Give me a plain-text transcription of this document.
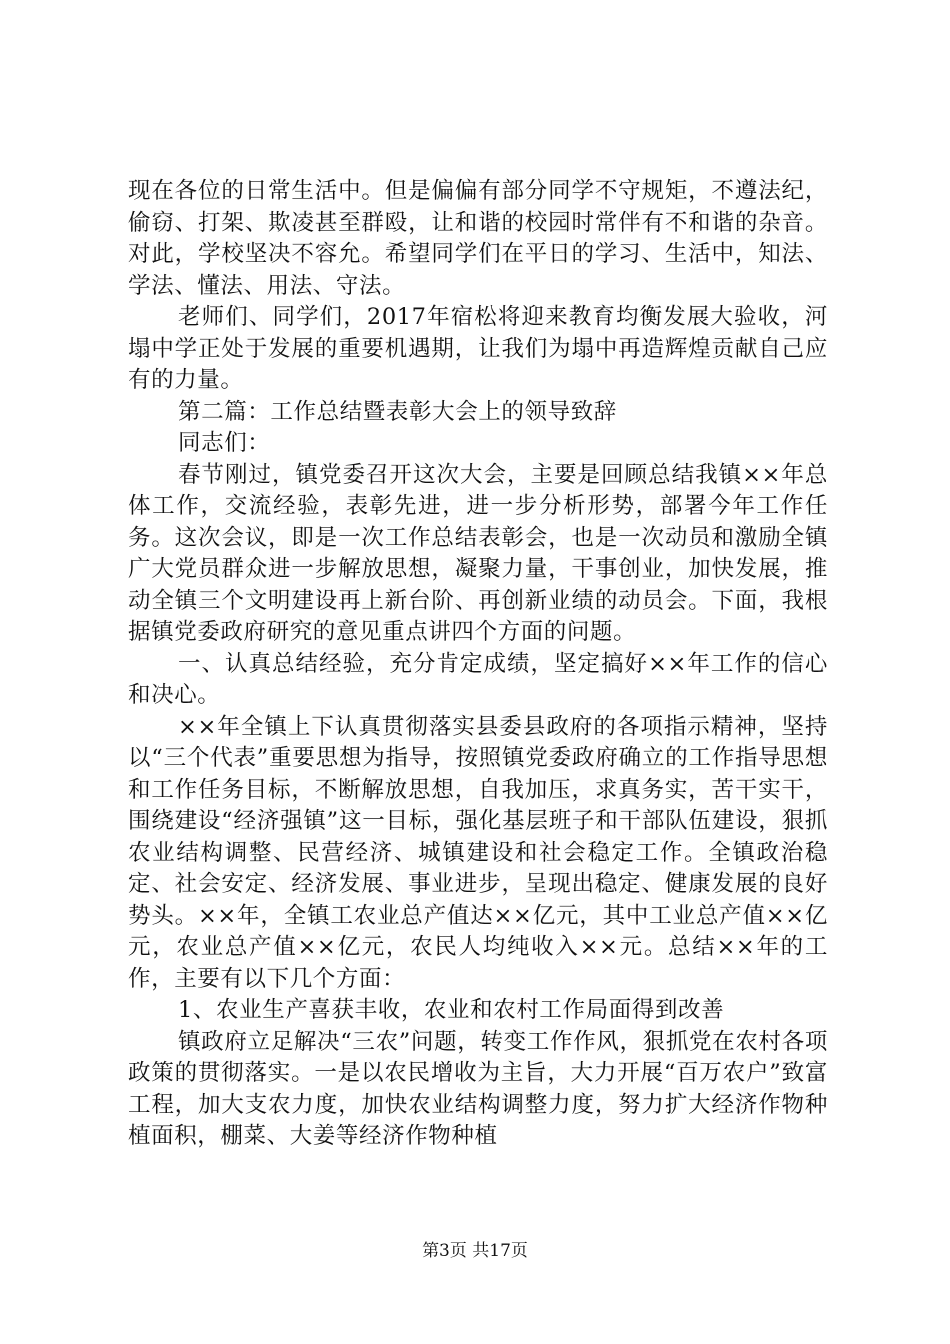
现在各位的日常生活中。但是偏偏有部分同学不守规矩，不遵法纪，偷窃、打架、欺凌甚至群殴，让和谐的校园时常伴有不和谐的杂音。对此，学校坚决不容允。希望同学们在平日的学习、生活中，知法、学法、懂法、用法、守法。

老师们、同学们，2017年宿松将迎来教育均衡发展大验收，河塌中学正处于发展的重要机遇期，让我们为塌中再造辉煌贡献自己应有的力量。

第二篇：工作总结暨表彰大会上的领导致辞

同志们：

春节刚过，镇党委召开这次大会，主要是回顾总结我镇××年总体工作，交流经验，表彰先进，进一步分析形势，部署今年工作任务。这次会议，即是一次工作总结表彰会，也是一次动员和激励全镇广大党员群众进一步解放思想，凝聚力量，干事创业，加快发展，推动全镇三个文明建设再上新台阶、再创新业绩的动员会。下面，我根据镇党委政府研究的意见重点讲四个方面的问题。

一、认真总结经验，充分肯定成绩，坚定搞好××年工作的信心和决心。

××年全镇上下认真贯彻落实县委县政府的各项指示精神，坚持以“三个代表”重要思想为指导，按照镇党委政府确立的工作指导思想和工作任务目标，不断解放思想，自我加压，求真务实，苦干实干，围绕建设“经济强镇”这一目标，强化基层班子和干部队伍建设，狠抓农业结构调整、民营经济、城镇建设和社会稳定工作。全镇政治稳定、社会安定、经济发展、事业进步，呈现出稳定、健康发展的良好势头。××年，全镇工农业总产值达××亿元，其中工业总产值××亿元，农业总产值××亿元，农民人均纯收入××元。总结××年的工作，主要有以下几个方面：

1、农业生产喜获丰收，农业和农村工作局面得到改善

镇政府立足解决“三农”问题，转变工作作风，狠抓党在农村各项政策的贯彻落实。一是以农民增收为主旨，大力开展“百万农户”致富工程，加大支农力度，加快农业结构调整力度，努力扩大经济作物种植面积，棚菜、大姜等经济作物种植

第3页 共17页
